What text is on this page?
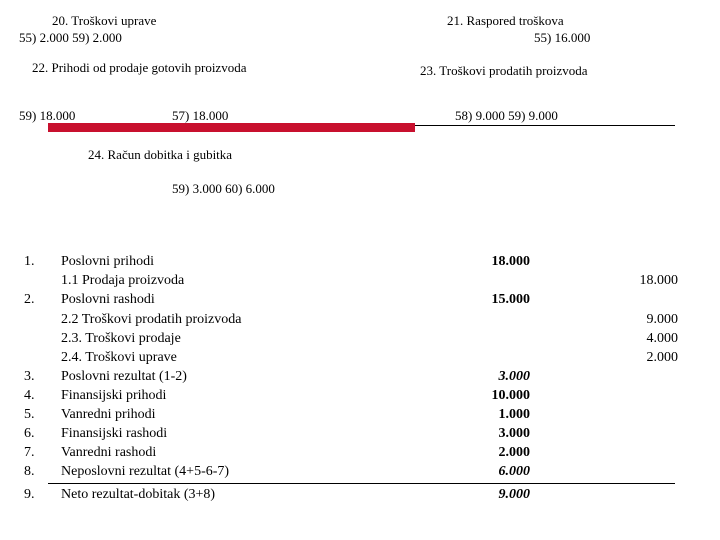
20. Troškovi uprave
55) 2.000 59) 2.000
21. Raspored troškova
55) 16.000
22. Prihodi od prodaje gotovih proizvoda	23. Troškovi prodatih proizvoda
59) 18.000	57) 18.000	58) 9.000 59) 9.000
24. Račun dobitka i gubitka
59) 3.000 60) 6.000
1. Poslovni prihodi	18.000
1.1 Prodaja proizvoda	18.000
2. Poslovni rashodi	15.000
2.2 Troškovi prodatih proizvoda	9.000
2.3. Troškovi prodaje	4.000
2.4. Troškovi uprave	2.000
3. Poslovni rezultat (1-2)	3.000
4. Finansijski prihodi	10.000
5. Vanredni prihodi	1.000
6. Finansijski rashodi	3.000
7. Vanredni rashodi	2.000
8. Neposlovni rezultat (4+5-6-7)	6.000
9. Neto rezultat-dobitak (3+8)	9.000
